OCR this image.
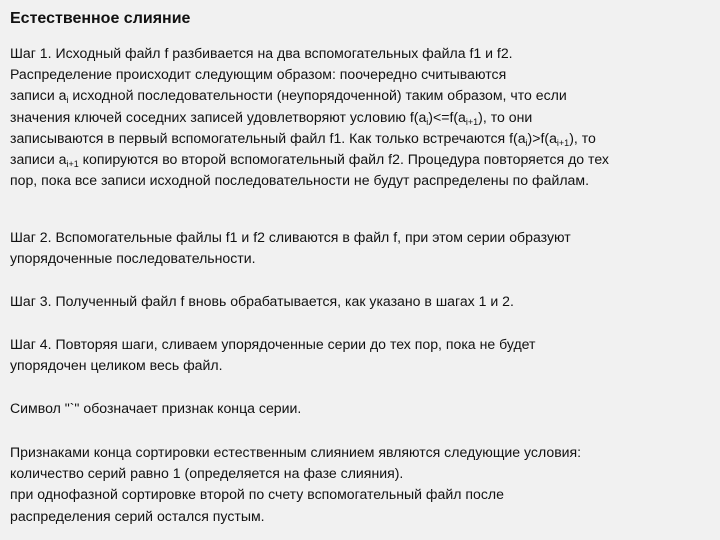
Естественное слияние
Шаг 1. Исходный файл f разбивается на два вспомогательных файла f1 и f2.
Распределение происходит следующим образом: поочередно считываются
записи $a_i$ исходной последовательности (неупорядоченной) таким образом, что если
значения ключей соседних записей удовлетворяют условию $f(a_i)<=f(a_{i+1})$, то они
записываются в первый вспомогательный файл f1. Как только встречаются $f(a_i)>f(a_{i+1})$, то
записи $a_{i+1}$ копируются во второй вспомогательный файл f2. Процедура повторяется до тех
пор, пока все записи исходной последовательности не будут распределены по файлам.
Шаг 2. Вспомогательные файлы f1 и f2 сливаются в файл f, при этом серии образуют
упорядоченные последовательности.
Шаг 3. Полученный файл f вновь обрабатывается, как указано в шагах 1 и 2.
Шаг 4. Повторяя шаги, сливаем упорядоченные серии до тех пор, пока не будет
упорядочен целиком весь файл.
Символ "`" обозначает признак конца серии.
Признаками конца сортировки естественным слиянием являются следующие условия:
количество серий равно 1 (определяется на фазе слияния).
при однофазной сортировке второй по счету вспомогательный файл после
распределения серий остался пустым.
